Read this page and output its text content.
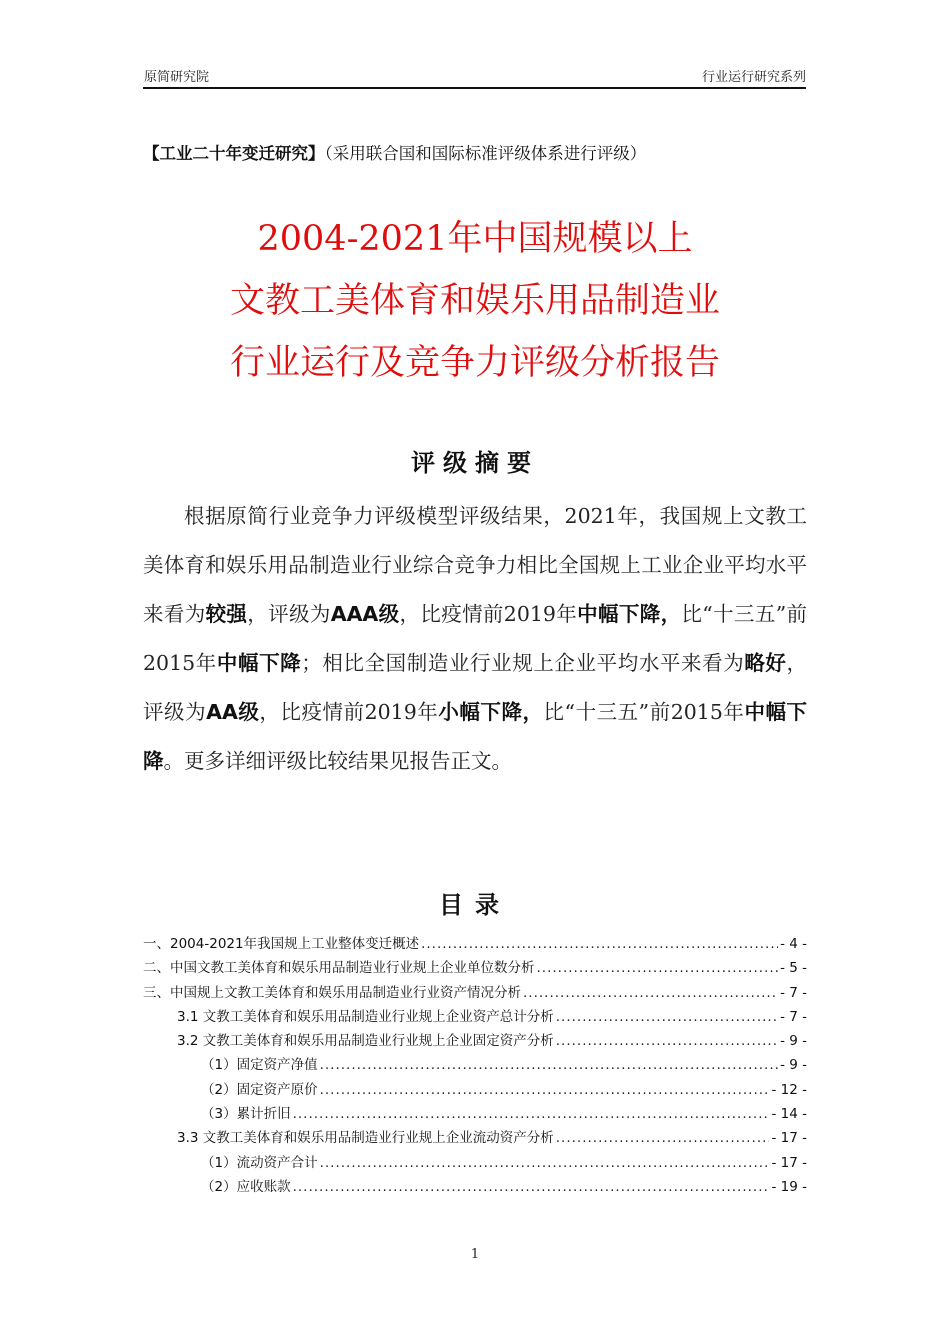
原简研究院	行业运行研究系列
【工业二十年变迁研究】（采用联合国和国际标准评级体系进行评级）
2004-2021年中国规模以上
文教工美体育和娱乐用品制造业
行业运行及竞争力评级分析报告
评级摘要

根据原简行业竞争力评级模型评级结果，2021年，我国规上文教工美体育和娱乐用品制造业行业综合竞争力相比全国规上工业企业平均水平来看为较强，评级为AAA级，比疫情前2019年中幅下降，比“十三五”前2015年中幅下降；相比全国制造业行业规上企业平均水平来看为略好，评级为AA级，比疫情前2019年小幅下降，比“十三五”前2015年中幅下降。更多详细评级比较结果见报告正文。

目录
一、2004-2021年我国规上工业整体变迁概述 .....	- 4 -
二、中国文教工美体育和娱乐用品制造业行业规上企业单位数分析 .....	- 5 -
三、中国规上文教工美体育和娱乐用品制造业行业资产情况分析 .....	- 7 -
3.1 文教工美体育和娱乐用品制造业行业规上企业资产总计分析 .....	- 7 -
3.2 文教工美体育和娱乐用品制造业行业规上企业固定资产分析 .....	- 9 -
（1）固定资产净值 .....	- 9 -
（2）固定资产原价 .....	- 12 -
（3）累计折旧 .....	- 14 -
3.3 文教工美体育和娱乐用品制造业行业规上企业流动资产分析 .....	- 17 -
（1）流动资产合计 .....	- 17 -
（2）应收账款 .....	- 19 -
1
